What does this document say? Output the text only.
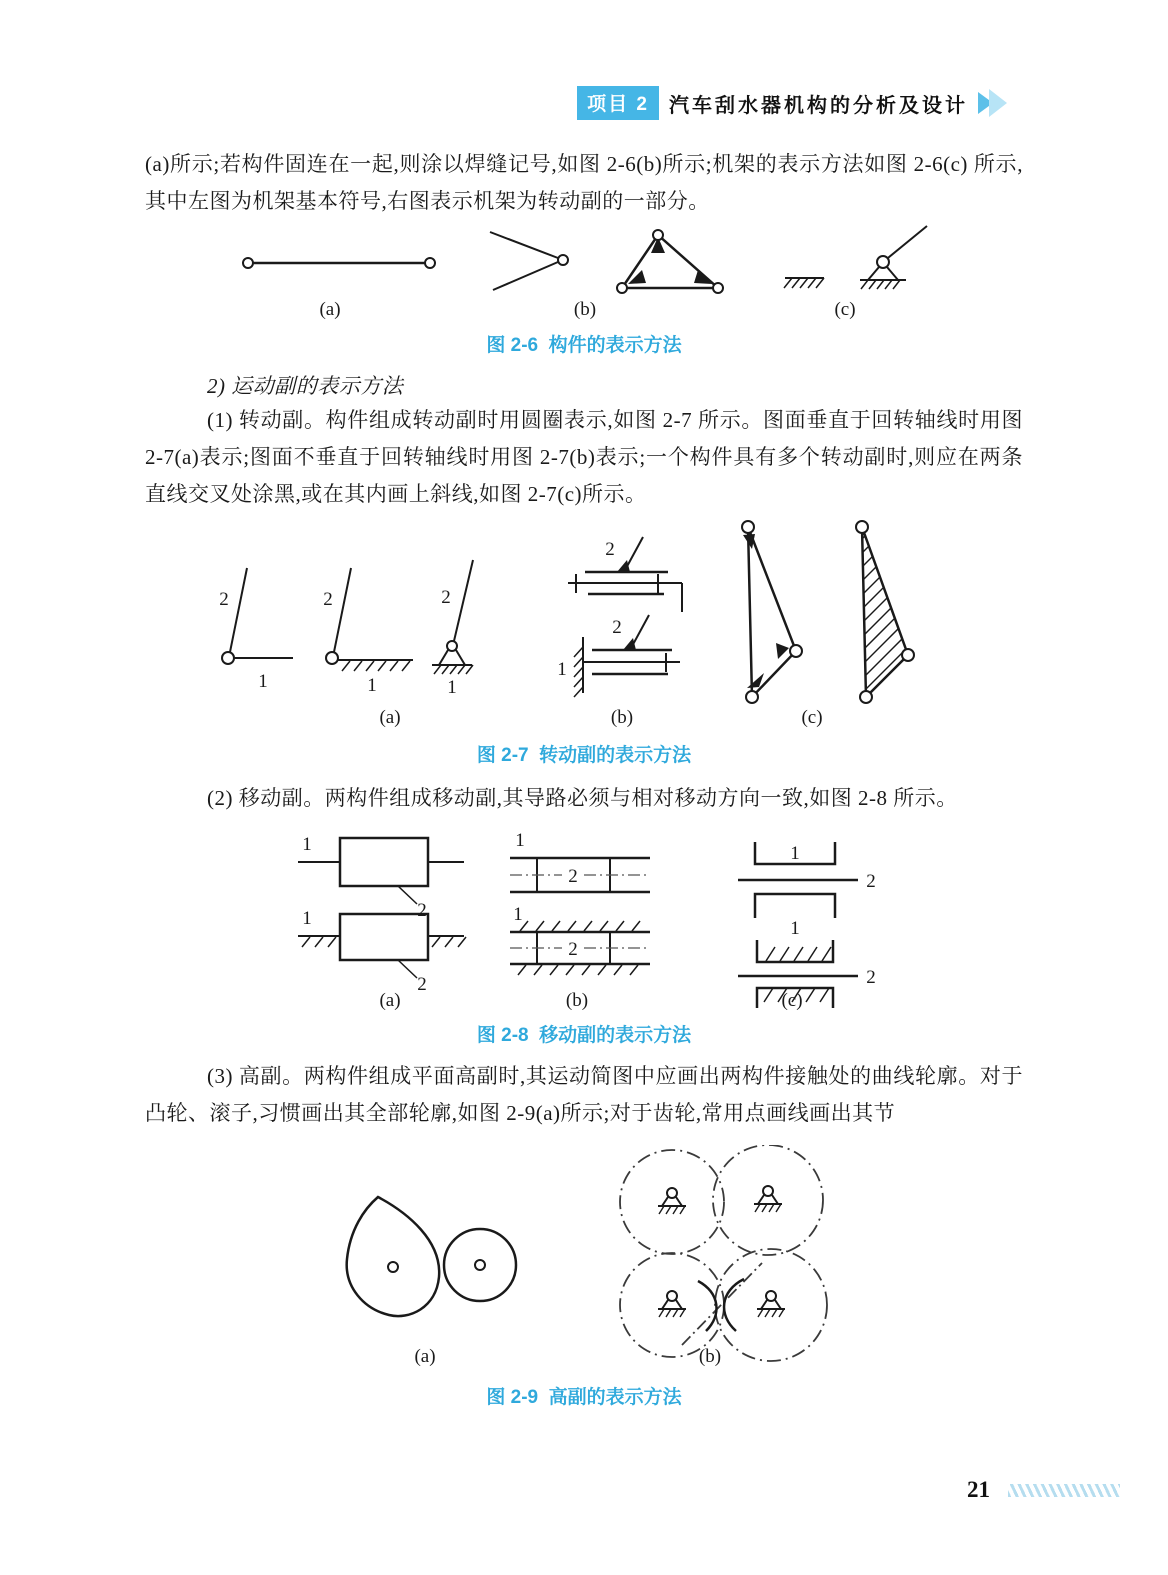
项目 2	汽车刮水器机构的分析及设计

(a)所示;若构件固连在一起,则涂以焊缝记号,如图 2-6(b)所示;机架的表示方法如图 2-6(c) 所示,其中左图为机架基本符号,右图表示机架为转动副的一部分。

(a)	(b)	(c)
图 2-6  构件的表示方法

2) 运动副的表示方法

(1) 转动副。构件组成转动副时用圆圈表示,如图 2-7 所示。图面垂直于回转轴线时用图 2-7(a)表示;图面不垂直于回转轴线时用图 2-7(b)表示;一个构件具有多个转动副时,则应在两条直线交叉处涂黑,或在其内画上斜线,如图 2-7(c)所示。

2
1
2
1	1
2
(a)
2
1
2
(b)	(c)
图 2-7  转动副的表示方法

(2) 移动副。两构件组成移动副,其导路必须与相对移动方向一致,如图 2-8 所示。

1
2
1
2
(a)
1
2
1
2
(b)
1
2
1
2
(c)
图 2-8  移动副的表示方法

(3) 高副。两构件组成平面高副时,其运动简图中应画出两构件接触处的曲线轮廓。对于凸轮、滚子,习惯画出其全部轮廓,如图 2-9(a)所示;对于齿轮,常用点画线画出其节

(a)	(b)
图 2-9  高副的表示方法
21
